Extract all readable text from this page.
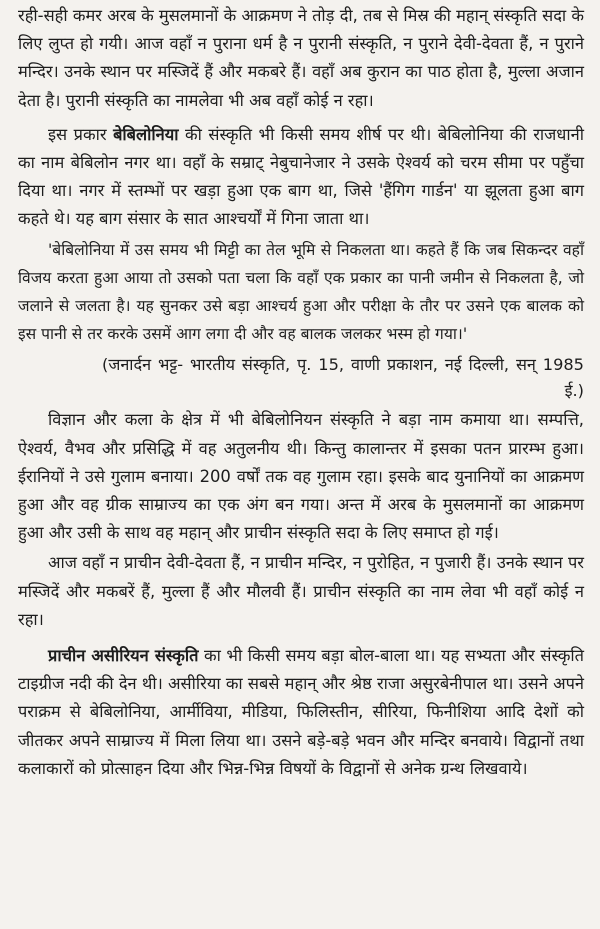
रही-सही कमर अरब के मुसलमानों के आक्रमण ने तोड़ दी, तब से मिस्र की महान् संस्कृति सदा के लिए लुप्त हो गयी। आज वहाँ न पुराना धर्म है न पुरानी संस्कृति, न पुराने देवी-देवता हैं, न पुराने मन्दिर। उनके स्थान पर मस्जिदें हैं और मकबरे हैं। वहाँ अब कुरान का पाठ होता है, मुल्ला अजान देता है। पुरानी संस्कृति का नामलेवा भी अब वहाँ कोई न रहा।

इस प्रकार बेबिलोनिया की संस्कृति भी किसी समय शीर्ष पर थी। बेबिलोनिया की राजधानी का नाम बेबिलोन नगर था। वहाँ के सम्राट् नेबुचानेजार ने उसके ऐश्वर्य को चरम सीमा पर पहुँचा दिया था। नगर में स्तम्भों पर खड़ा हुआ एक बाग था, जिसे 'हैंगिग गार्डन' या झूलता हुआ बाग कहते थे। यह बाग संसार के सात आश्चर्यों में गिना जाता था।

'बेबिलोनिया में उस समय भी मिट्टी का तेल भूमि से निकलता था। कहते हैं कि जब सिकन्दर वहाँ विजय करता हुआ आया तो उसको पता चला कि वहाँ एक प्रकार का पानी जमीन से निकलता है, जो जलाने से जलता है। यह सुनकर उसे बड़ा आश्चर्य हुआ और परीक्षा के तौर पर उसने एक बालक को इस पानी से तर करके उसमें आग लगा दी और वह बालक जलकर भस्म हो गया।'

(जनार्दन भट्ट- भारतीय संस्कृति, पृ. 15, वाणी प्रकाशन, नई दिल्ली, सन् 1985 ई.)

विज्ञान और कला के क्षेत्र में भी बेबिलोनियन संस्कृति ने बड़ा नाम कमाया था। सम्पत्ति, ऐश्वर्य, वैभव और प्रसिद्धि में वह अतुलनीय थी। किन्तु कालान्तर में इसका पतन प्रारम्भ हुआ। ईरानियों ने उसे गुलाम बनाया। 200 वर्षों तक वह गुलाम रहा। इसके बाद युनानियों का आक्रमण हुआ और वह ग्रीक साम्राज्य का एक अंग बन गया। अन्त में अरब के मुसलमानों का आक्रमण हुआ और उसी के साथ वह महान् और प्राचीन संस्कृति सदा के लिए समाप्त हो गई।

आज वहाँ न प्राचीन देवी-देवता हैं, न प्राचीन मन्दिर, न पुरोहित, न पुजारी हैं। उनके स्थान पर मस्जिदें और मकबरें हैं, मुल्ला हैं और मौलवी हैं। प्राचीन संस्कृति का नाम लेवा भी वहाँ कोई न रहा।

प्राचीन असीरियन संस्कृति का भी किसी समय बड़ा बोल-बाला था। यह सभ्यता और संस्कृति टाइग्रीज नदी की देन थी। असीरिया का सबसे महान् और श्रेष्ठ राजा असुरबेनीपाल था। उसने अपने पराक्रम से बेबिलोनिया, आर्मीविया, मीडिया, फिलिस्तीन, सीरिया, फिनीशिया आदि देशों को जीतकर अपने साम्राज्य में मिला लिया था। उसने बड़े-बड़े भवन और मन्दिर बनवाये। विद्वानों तथा कलाकारों को प्रोत्साहन दिया और भिन्न-भिन्न विषयों के विद्वानों से अनेक ग्रन्थ लिखवाये।
